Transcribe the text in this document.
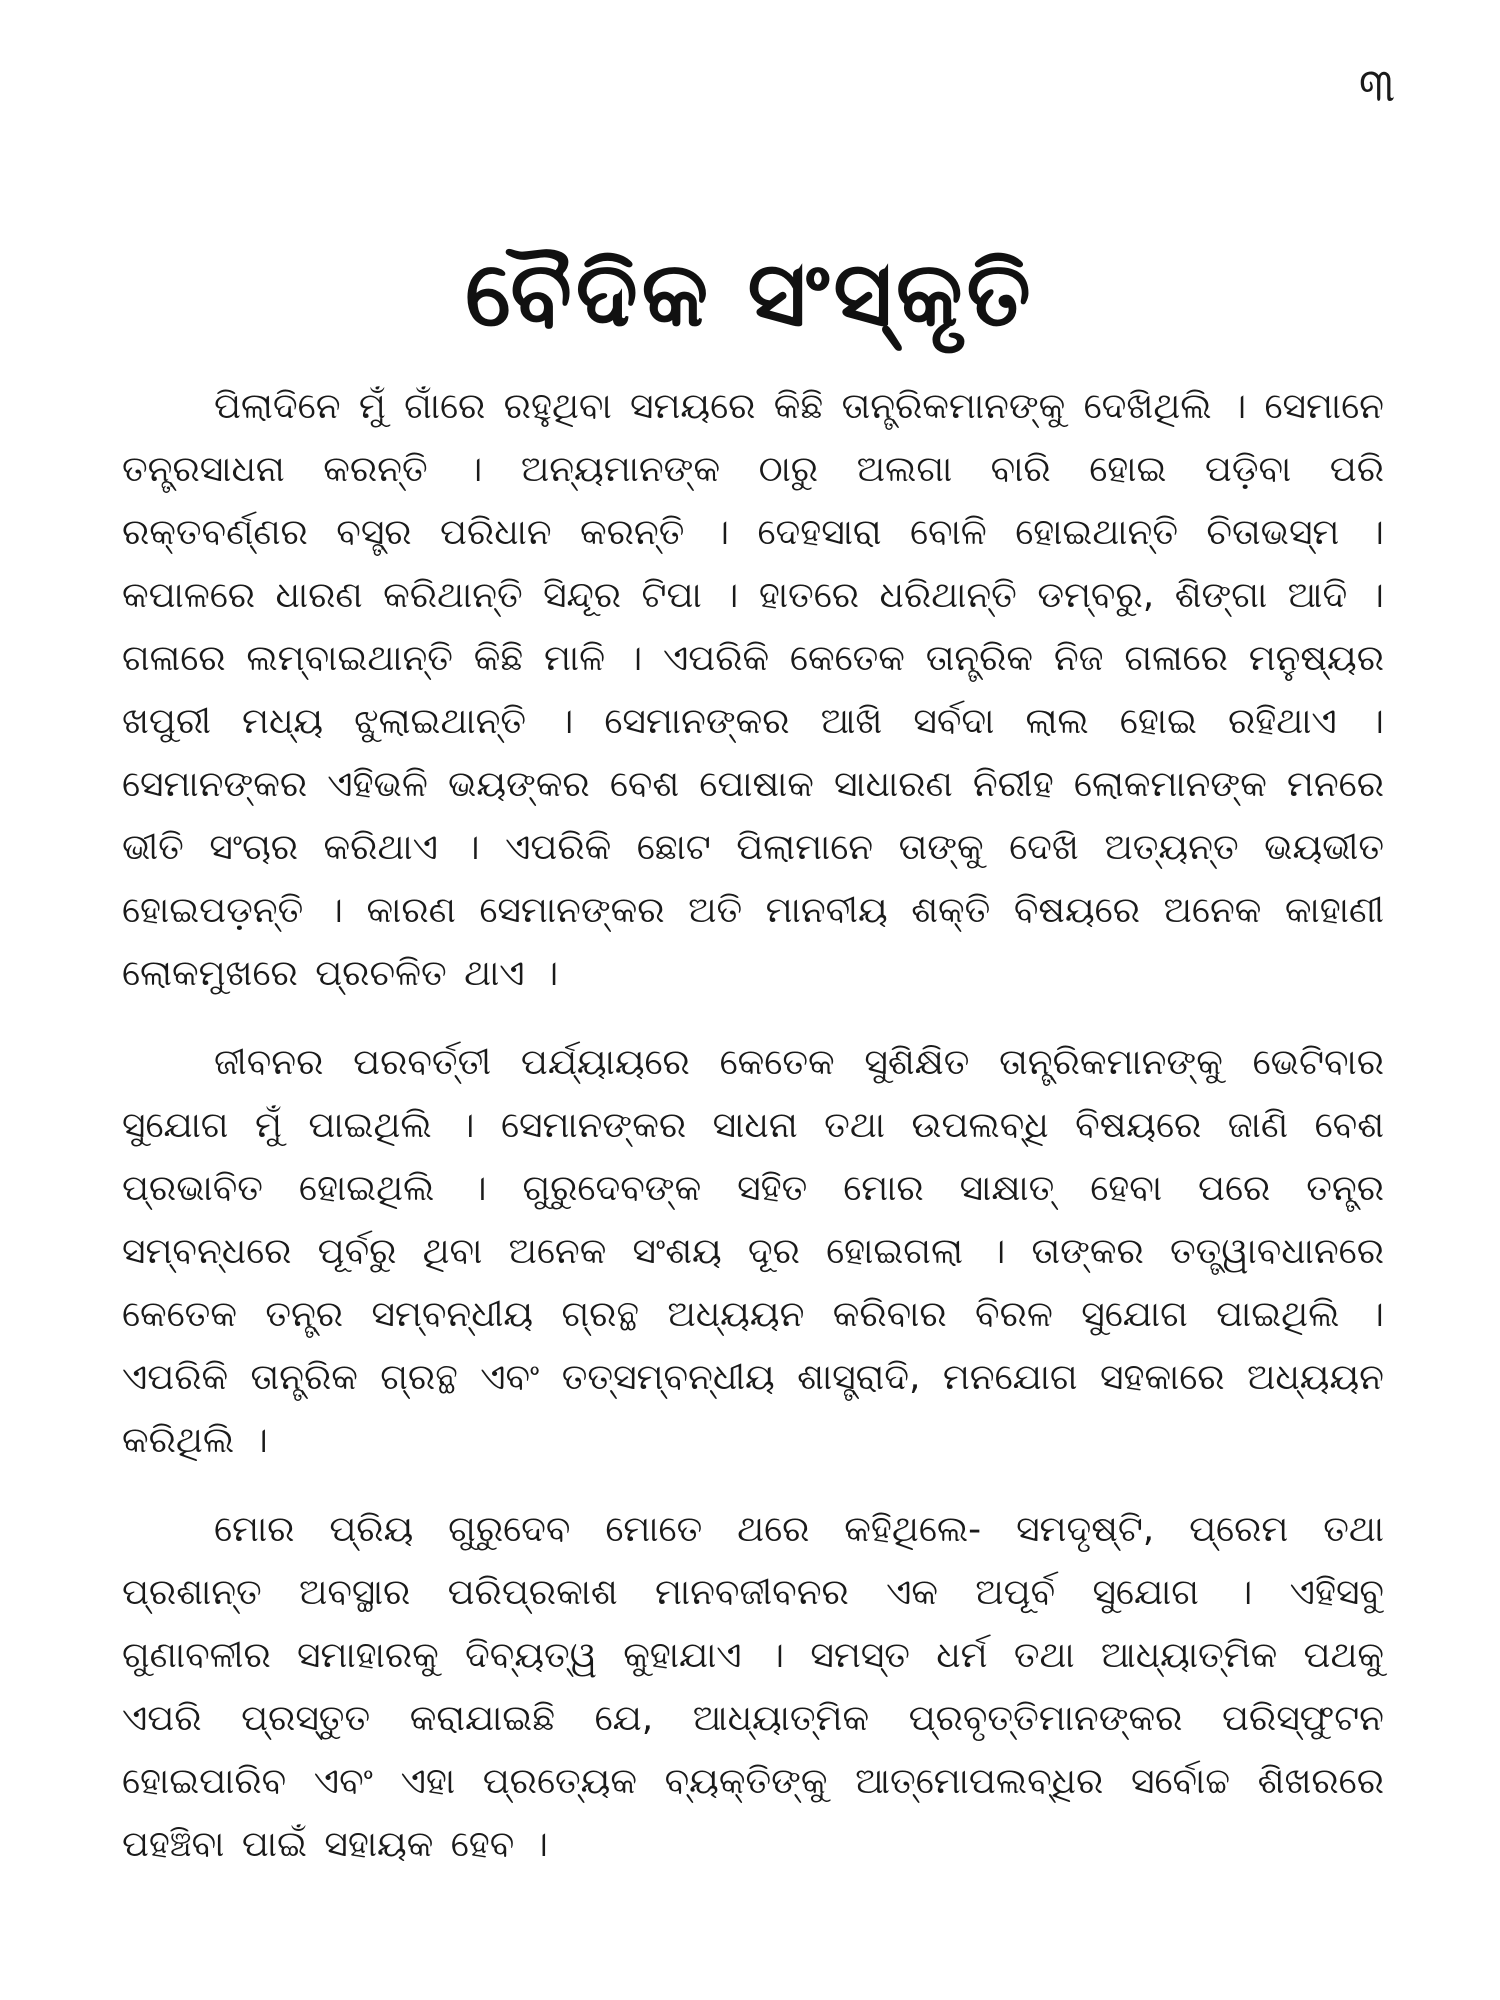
୩
ବୈଦିକ ସଂସ୍କୃତି

ପିଲାଦିନେ ମୁଁ ଗାଁରେ ରହୁଥିବା ସମୟରେ କିଛି ତାନ୍ତ୍ରିକମାନଙ୍କୁ ଦେଖିଥିଲି । ସେମାନେ ତନ୍ତ୍ରସାଧନା କରନ୍ତି । ଅନ୍ୟମାନଙ୍କ ଠାରୁ ଅଲଗା ବାରି ହୋଇ ପଡ଼ିବା ପରି ରକ୍ତବର୍ଣ୍ଣର ବସ୍ତ୍ର ପରିଧାନ କରନ୍ତି । ଦେହସାରା ବୋଳି ହୋଇଥାନ୍ତି ଚିତାଭସ୍ମ । କପାଳରେ ଧାରଣ କରିଥାନ୍ତି ସିନ୍ଦୂର ଟିପା । ହାତରେ ଧରିଥାନ୍ତି ଡମ୍ବରୁ, ଶିଙ୍ଗା ଆଦି । ଗଳାରେ ଲମ୍ବାଇଥାନ୍ତି କିଛି ମାଳି । ଏପରିକି କେତେକ ତାନ୍ତ୍ରିକ ନିଜ ଗଳାରେ ମନୁଷ୍ୟର ଖପୁରୀ ମଧ୍ୟ ଝୁଲାଇଥାନ୍ତି । ସେମାନଙ୍କର ଆଖି ସର୍ବଦା ଲାଲ ହୋଇ ରହିଥାଏ । ସେମାନଙ୍କର ଏହିଭଳି ଭୟଙ୍କର ବେଶ ପୋଷାକ ସାଧାରଣ ନିରୀହ ଲୋକମାନଙ୍କ ମନରେ ଭୀତି ସଂଚାର କରିଥାଏ । ଏପରିକି ଛୋଟ ପିଲାମାନେ ତାଙ୍କୁ ଦେଖି ଅତ୍ୟନ୍ତ ଭୟଭୀତ ହୋଇପଡ଼ନ୍ତି । କାରଣ ସେମାନଙ୍କର ଅତି ମାନବୀୟ ଶକ୍ତି ବିଷୟରେ ଅନେକ କାହାଣୀ ଲୋକମୁଖରେ ପ୍ରଚଳିତ ଥାଏ ।

ଜୀବନର ପରବର୍ତ୍ତୀ ପର୍ଯ୍ୟାୟରେ କେତେକ ସୁଶିକ୍ଷିତ ତାନ୍ତ୍ରିକମାନଙ୍କୁ ଭେଟିବାର ସୁଯୋଗ ମୁଁ ପାଇଥିଲି । ସେମାନଙ୍କର ସାଧନା ତଥା ଉପଲବ୍ଧି ବିଷୟରେ ଜାଣି ବେଶ ପ୍ରଭାବିତ ହୋଇଥିଲି । ଗୁରୁଦେବଙ୍କ ସହିତ ମୋର ସାକ୍ଷାତ୍ ହେବା ପରେ ତନ୍ତ୍ର ସମ୍ବନ୍ଧରେ ପୂର୍ବରୁ ଥିବା ଅନେକ ସଂଶୟ ଦୂର ହୋଇଗଲା । ତାଙ୍କର ତତ୍ତ୍ୱାବଧାନରେ କେତେକ ତନ୍ତ୍ର ସମ୍ବନ୍ଧୀୟ ଗ୍ରନ୍ଥ ଅଧ୍ୟୟନ କରିବାର ବିରଳ ସୁଯୋଗ ପାଇଥିଲି । ଏପରିକି ତାନ୍ତ୍ରିକ ଗ୍ରନ୍ଥ ଏବଂ ତତ୍‌ସମ୍ବନ୍ଧୀୟ ଶାସ୍ତ୍ରାଦି, ମନଯୋଗ ସହକାରେ ଅଧ୍ୟୟନ କରିଥିଲି ।

ମୋର ପ୍ରିୟ ଗୁରୁଦେବ ମୋତେ ଥରେ କହିଥିଲେ- ସମଦୃଷ୍ଟି, ପ୍ରେମ ତଥା ପ୍ରଶାନ୍ତ ଅବସ୍ଥାର ପରିପ୍ରକାଶ ମାନବଜୀବନର ଏକ ଅପୂର୍ବ ସୁଯୋଗ । ଏହିସବୁ ଗୁଣାବଳୀର ସମାହାରକୁ ଦିବ୍ୟତ୍ୱ କୁହାଯାଏ । ସମସ୍ତ ଧର୍ମ ତଥା ଆଧ୍ୟାତ୍ମିକ ପଥକୁ ଏପରି ପ୍ରସ୍ତୁତ କରାଯାଇଛି ଯେ, ଆଧ୍ୟାତ୍ମିକ ପ୍ରବୃତ୍ତିମାନଙ୍କର ପରିସ୍ଫୁଟନ ହୋଇପାରିବ ଏବଂ ଏହା ପ୍ରତ୍ୟେକ ବ୍ୟକ୍ତିଙ୍କୁ ଆତ୍ମୋପଲବ୍ଧିର ସର୍ବୋଚ୍ଚ ଶିଖରରେ ପହଞ୍ଚିବା ପାଇଁ ସହାୟକ ହେବ ।
